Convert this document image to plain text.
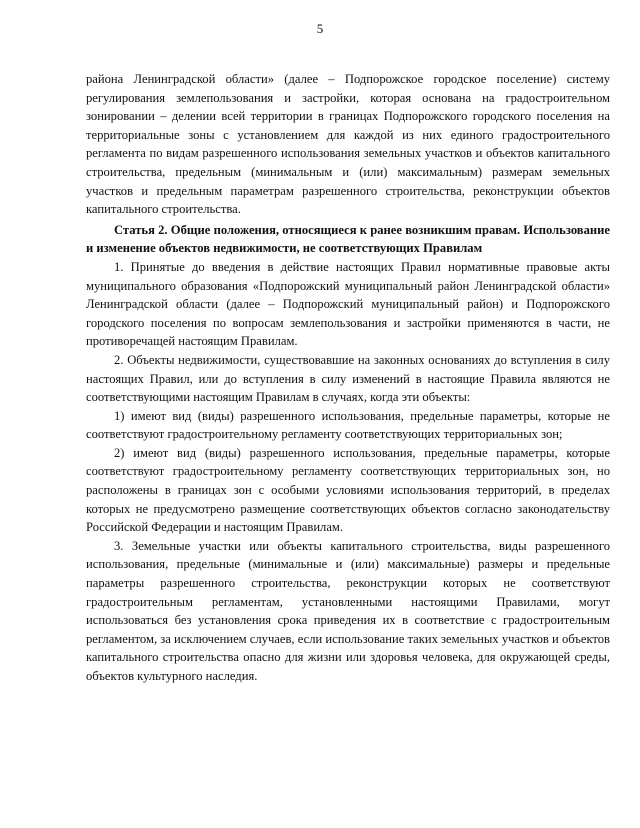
5

района Ленинградской области» (далее – Подпорожское городское поселение) систему регулирования землепользования и застройки, которая основана на градостроительном зонировании – делении всей территории в границах Подпорожского городского поселения на территориальные зоны с установлением для каждой из них единого градостроительного регламента по видам разрешенного использования земельных участков и объектов капитального строительства, предельным (минимальным и (или) максимальным) размерам земельных участков и предельным параметрам разрешенного строительства, реконструкции объектов капитального строительства.

Статья 2. Общие положения, относящиеся к ранее возникшим правам. Использование и изменение объектов недвижимости, не соответствующих Правилам

1. Принятые до введения в действие настоящих Правил нормативные правовые акты муниципального образования «Подпорожский муниципальный район Ленинградской области» Ленинградской области (далее – Подпорожский муниципальный район) и Подпорожского городского поселения по вопросам землепользования и застройки применяются в части, не противоречащей настоящим Правилам.

2. Объекты недвижимости, существовавшие на законных основаниях до вступления в силу настоящих Правил, или до вступления в силу изменений в настоящие Правила являются не соответствующими настоящим Правилам в случаях, когда эти объекты:

1) имеют вид (виды) разрешенного использования, предельные параметры, которые не соответствуют градостроительному регламенту соответствующих территориальных зон;

2) имеют вид (виды) разрешенного использования, предельные параметры, которые соответствуют градостроительному регламенту соответствующих территориальных зон, но расположены в границах зон с особыми условиями использования территорий, в пределах которых не предусмотрено размещение соответствующих объектов согласно законодательству Российской Федерации и настоящим Правилам.

3. Земельные участки или объекты капитального строительства, виды разрешенного использования, предельные (минимальные и (или) максимальные) размеры и предельные параметры разрешенного строительства, реконструкции которых не соответствуют градостроительным регламентам, установленными настоящими Правилами, могут использоваться без установления срока приведения их в соответствие с градостроительным регламентом, за исключением случаев, если использование таких земельных участков и объектов капитального строительства опасно для жизни или здоровья человека, для окружающей среды, объектов культурного наследия.
